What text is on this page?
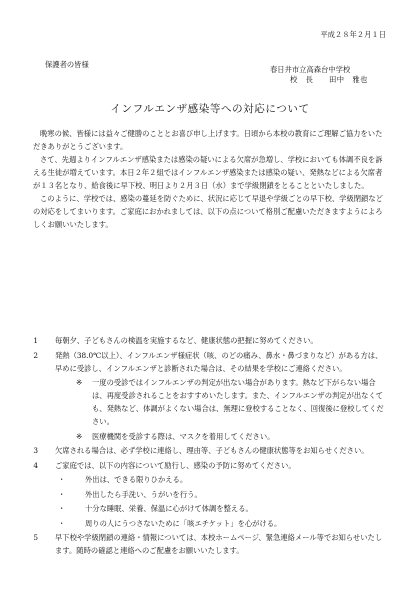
平成２８年２月１日
保護者の皆様
春日井市立高森台中学校
校　長　　田中　雅也
インフルエンザ感染等への対応について

晩寒の候、皆様には益々ご健勝のこととお喜び申し上げます。日頃から本校の教育にご理解ご協力をいただきありがとうございます。

さて、先週よりインフルエンザ感染または感染の疑いによる欠席が急増し、学校においても体調不良を訴える生徒が増えています。本日２年２組ではインフルエンザ感染または感染の疑い、発熱などによる欠席者が１３名となり、給食後に早下校、明日より２月３日（水）まで学級閉鎖をとることといたしました。

このように、学校では、感染の蔓延を防ぐために、状況に応じて早退や学級ごとの早下校、学級閉鎖などの対応をしてまいります。ご家庭におかれましては、以下の点について格別ご配慮いただきますようによろしくお願いいたします。

1 毎朝夕、子どもさんの検温を実施するなど、健康状態の把握に努めてください。
2 発熱（38.0℃以上）、インフルエンザ様症状（咳、のどの痛み、鼻水・鼻づまりなど）がある方は、早めに受診し、インフルエンザと診断された場合は、その結果を学校にご連絡ください。
※ 一度の受診ではインフルエンザの判定が出ない場合があります。熱など下がらない場合は、再度受診されることをおすすめいたします。また、インフルエンザの判定が出なくても、発熱など、体調がよくない場合は、無理に登校することなく、回復後に登校してください。
※ 医療機関を受診する際は、マスクを着用してください。
3 欠席される場合は、必ず学校に連絡し、理由等、子どもさんの健康状態等をお知らせください。
4 ご家庭では、以下の内容について励行し、感染の予防に努めてください。
・	外出は、できる限りひかえる。
・	外出したら手洗い、うがいを行う。
・	十分な睡眠、栄養、保温に心がけて体調を整える。
・	周りの人にうつさないために「咳エチケット」を心がける。
5 早下校や学級閉鎖の連絡・情報については、本校ホームページ、緊急連絡メール等でお知らせいたします。随時の確認と連絡へのご配慮をお願いいたします。
